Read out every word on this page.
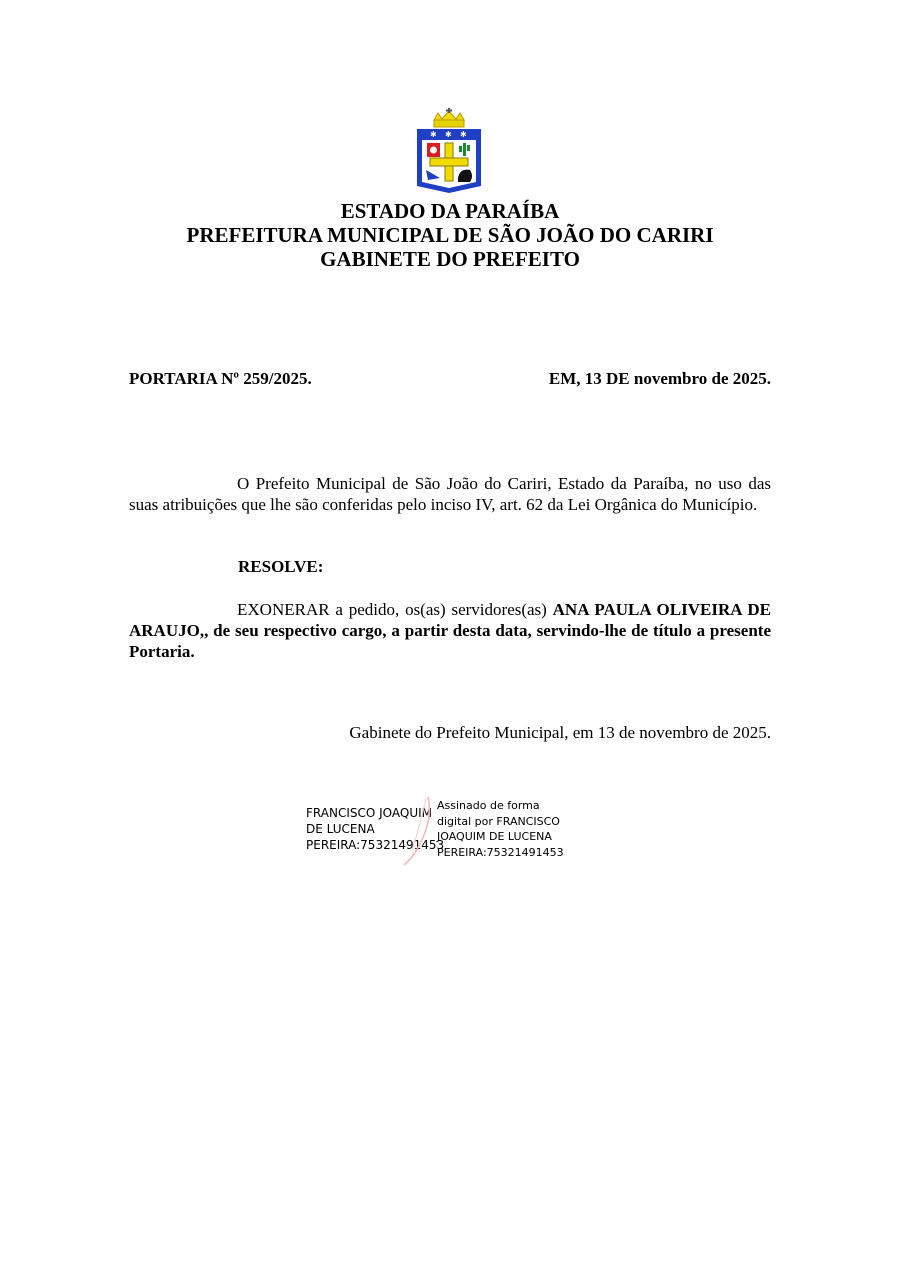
✱ ✱ ✱
ESTADO DA PARAÍBA
PREFEITURA MUNICIPAL DE SÃO JOÃO DO CARIRI
GABINETE DO PREFEITO
PORTARIA Nº 259/2025.	EM, 13 DE novembro de 2025.
O Prefeito Municipal de São João do Cariri, Estado da Paraíba, no uso das suas atribuições que lhe são conferidas pelo inciso IV, art. 62 da Lei Orgânica do Município.
RESOLVE:
EXONERAR a pedido, os(as) servidores(as) ANA PAULA OLIVEIRA DE ARAUJO,, de seu respectivo cargo, a partir desta data, servindo-lhe de título a presente Portaria.
Gabinete do Prefeito Municipal, em 13 de novembro de 2025.
FRANCISCO JOAQUIM
DE LUCENA
PEREIRA:75321491453
Assinado de forma
digital por FRANCISCO
JOAQUIM DE LUCENA
PEREIRA:75321491453
